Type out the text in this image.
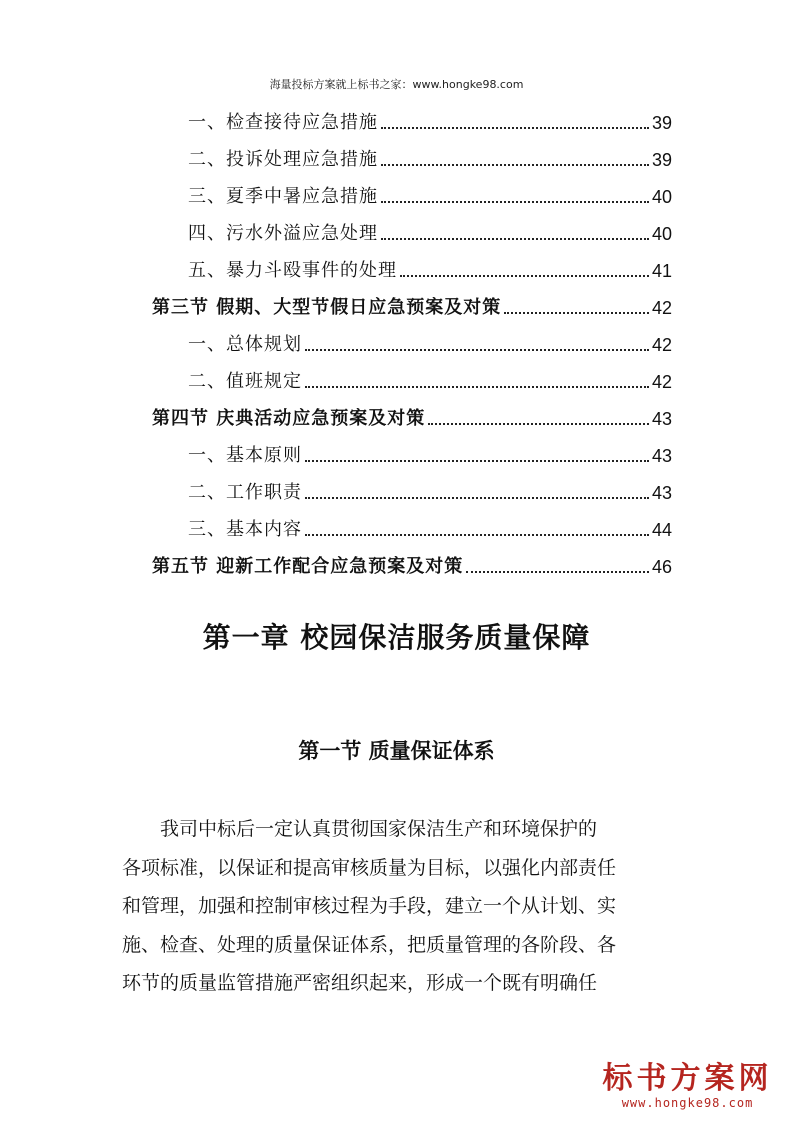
海量投标方案就上标书之家：www.hongke98.com
一、检查接待应急措施	39
二、投诉处理应急措施	39
三、夏季中暑应急措施	40
四、污水外溢应急处理	40
五、暴力斗殴事件的处理	41
第三节 假期、大型节假日应急预案及对策	42
一、总体规划	42
二、值班规定	42
第四节 庆典活动应急预案及对策	43
一、基本原则	43
二、工作职责	43
三、基本内容	44
第五节 迎新工作配合应急预案及对策	46
第一章 校园保洁服务质量保障
第一节 质量保证体系
　　我司中标后一定认真贯彻国家保洁生产和环境保护的
各项标准，以保证和提高审核质量为目标，以强化内部责任
和管理，加强和控制审核过程为手段，建立一个从计划、实
施、检查、处理的质量保证体系，把质量管理的各阶段、各
环节的质量监管措施严密组织起来，形成一个既有明确任
标书方案网
www.hongke98.com
